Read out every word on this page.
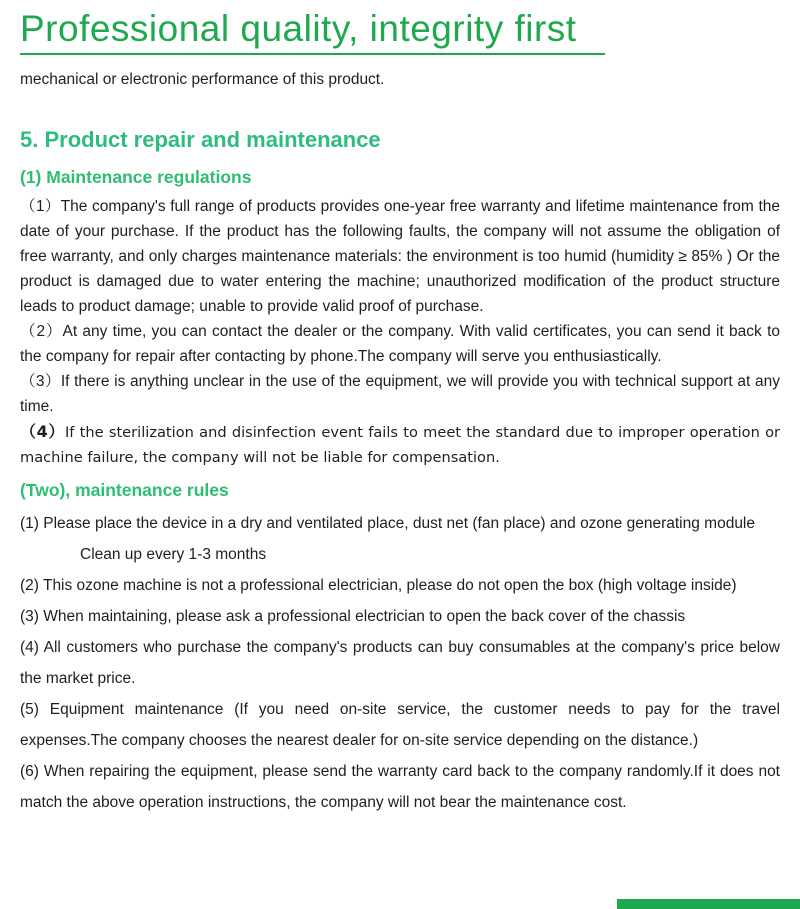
Professional quality, integrity first

mechanical or electronic performance of this product.

5. Product repair and maintenance
(1) Maintenance regulations

（1）The company's full range of products provides one-year free warranty and lifetime maintenance from the date of your purchase. If the product has the following faults, the company will not assume the obligation of free warranty, and only charges maintenance materials: the environment is too humid (humidity ≥ 85% ) Or the product is damaged due to water entering the machine; unauthorized modification of the product structure leads to product damage; unable to provide valid proof of purchase.

（2）At any time, you can contact the dealer or the company. With valid certificates, you can send it back to the company for repair after contacting by phone.The company will serve you enthusiastically.

（3）If there is anything unclear in the use of the equipment, we will provide you with technical support at any time.

（4）If the sterilization and disinfection event fails to meet the standard due to improper operation or machine failure, the company will not be liable for compensation.

(Two), maintenance rules

(1) Please place the device in a dry and ventilated place, dust net (fan place) and ozone generating module

Clean up every 1-3 months

(2) This ozone machine is not a professional electrician, please do not open the box (high voltage inside)

(3) When maintaining, please ask a professional electrician to open the back cover of the chassis

(4) All customers who purchase the company's products can buy consumables at the company's price below the market price.

(5) Equipment maintenance (If you need on-site service, the customer needs to pay for the travel expenses.The company chooses the nearest dealer for on-site service depending on the distance.)

(6) When repairing the equipment, please send the warranty card back to the company randomly.If it does not match the above operation instructions, the company will not bear the maintenance cost.
